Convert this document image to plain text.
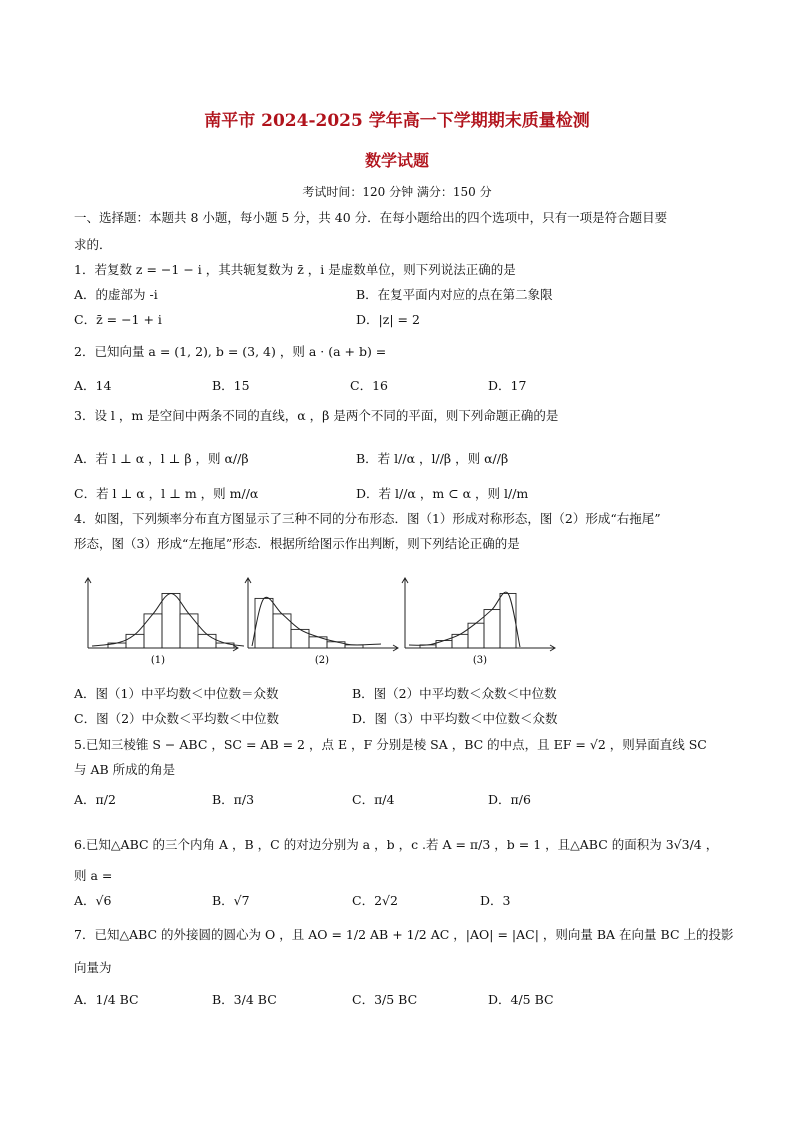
南平市 2024-2025 学年高一下学期期末质量检测
数学试题
考试时间：120 分钟 满分：150 分
一、选择题：本题共 8 小题，每小题 5 分，共 40 分．在每小题给出的四个选项中，只有一项是符合题目要
求的．
1．若复数 z = −1 − i ，其共轭复数为 z̄ ，i 是虚数单位，则下列说法正确的是
A．的虚部为 -i	B．在复平面内对应的点在第二象限
C．z̄ = −1 + i	D．|z| = 2
2．已知向量 a = (1, 2), b = (3, 4) ，则 a · (a + b) =
A．14	B．15	C．16	D．17
3．设 l ，m 是空间中两条不同的直线，α ，β 是两个不同的平面，则下列命题正确的是
A．若 l ⊥ α ，l ⊥ β ，则 α//β	B．若 l//α ，l//β ，则 α//β
C．若 l ⊥ α ，l ⊥ m ，则 m//α	D．若 l//α ，m ⊂ α ，则 l//m
4．如图，下列频率分布直方图显示了三种不同的分布形态．图（1）形成对称形态，图（2）形成“右拖尾”
形态，图（3）形成“左拖尾”形态．根据所给图示作出判断，则下列结论正确的是
(1)	(2)	(3)
A．图（1）中平均数＜中位数＝众数	B．图（2）中平均数＜众数＜中位数
C．图（2）中众数＜平均数＜中位数	D．图（3）中平均数＜中位数＜众数
5.已知三棱锥 S − ABC ，SC = AB = 2 ，点 E ，F 分别是棱 SA ，BC 的中点，且 EF = √2 ，则异面直线 SC
与 AB 所成的角是
A．π/2	B．π/3	C．π/4	D．π/6
6.已知△ABC 的三个内角 A ，B ，C 的对边分别为 a ，b ，c .若 A = π/3 ，b = 1 ，且△ABC 的面积为 3√3/4 ，
则 a =
A．√6	B．√7	C．2√2	D．3
7．已知△ABC 的外接圆的圆心为 O ，且 AO = 1/2 AB + 1/2 AC ，|AO| = |AC| ，则向量 BA 在向量 BC 上的投影
向量为
A．1/4 BC	B．3/4 BC	C．3/5 BC	D．4/5 BC
